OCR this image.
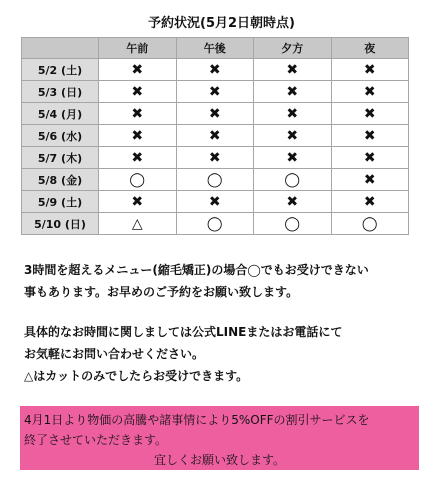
予約状況(5月2日朝時点)
	午前	午後	夕方	夜
5/2 (土)	✖	✖	✖	✖
5/3 (日)	✖	✖	✖	✖
5/4 (月)	✖	✖	✖	✖
5/6 (水)	✖	✖	✖	✖
5/7 (木)	✖	✖	✖	✖
5/8 (金)	◯	◯	◯	✖
5/9 (土)	✖	✖	✖	✖
5/10 (日)	△	◯	◯	◯
3時間を超えるメニュー(縮毛矯正)の場合◯でもお受けできない
事もあります。お早めのご予約をお願い致します。
具体的なお時間に関しましては公式LINEまたはお電話にて
お気軽にお問い合わせください。
△はカットのみでしたらお受けできます。
4月1日より物価の高騰や諸事情により5%OFFの割引サービスを
終了させていただきます。

宜しくお願い致します。
